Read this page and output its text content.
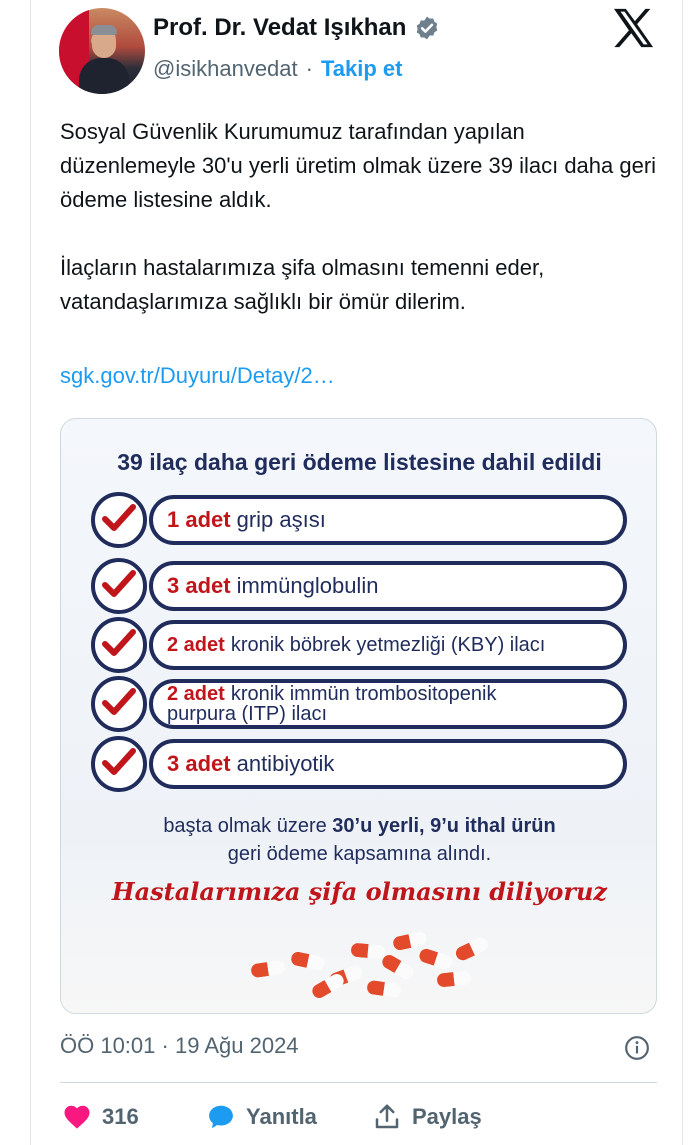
Prof. Dr. Vedat Işıkhan
@isikhanvedat · Takip et

Sosyal Güvenlik Kurumumuz tarafından yapılan düzenlemeyle 30'u yerli üretim olmak üzere 39 ilacı daha geri ödeme listesine aldık.

İlaçların hastalarımıza şifa olmasını temenni eder, vatandaşlarımıza sağlıklı bir ömür dilerim.

sgk.gov.tr/Duyuru/Detay/2…
39 ilaç daha geri ödeme listesine dahil edildi
1 adet grip aşısı
3 adet immünglobulin
2 adet kronik böbrek yetmezliği (KBY) ilacı
2 adet kronik immün trombositopenik
purpura (ITP) ilacı
3 adet antibiyotik
başta olmak üzere 30’u yerli, 9’u ithal ürün
geri ödeme kapsamına alındı.
Hastalarımıza şifa olmasını diliyoruz
ÖÖ 10:01 · 19 Ağu 2024
316	Yanıtla	Paylaş
